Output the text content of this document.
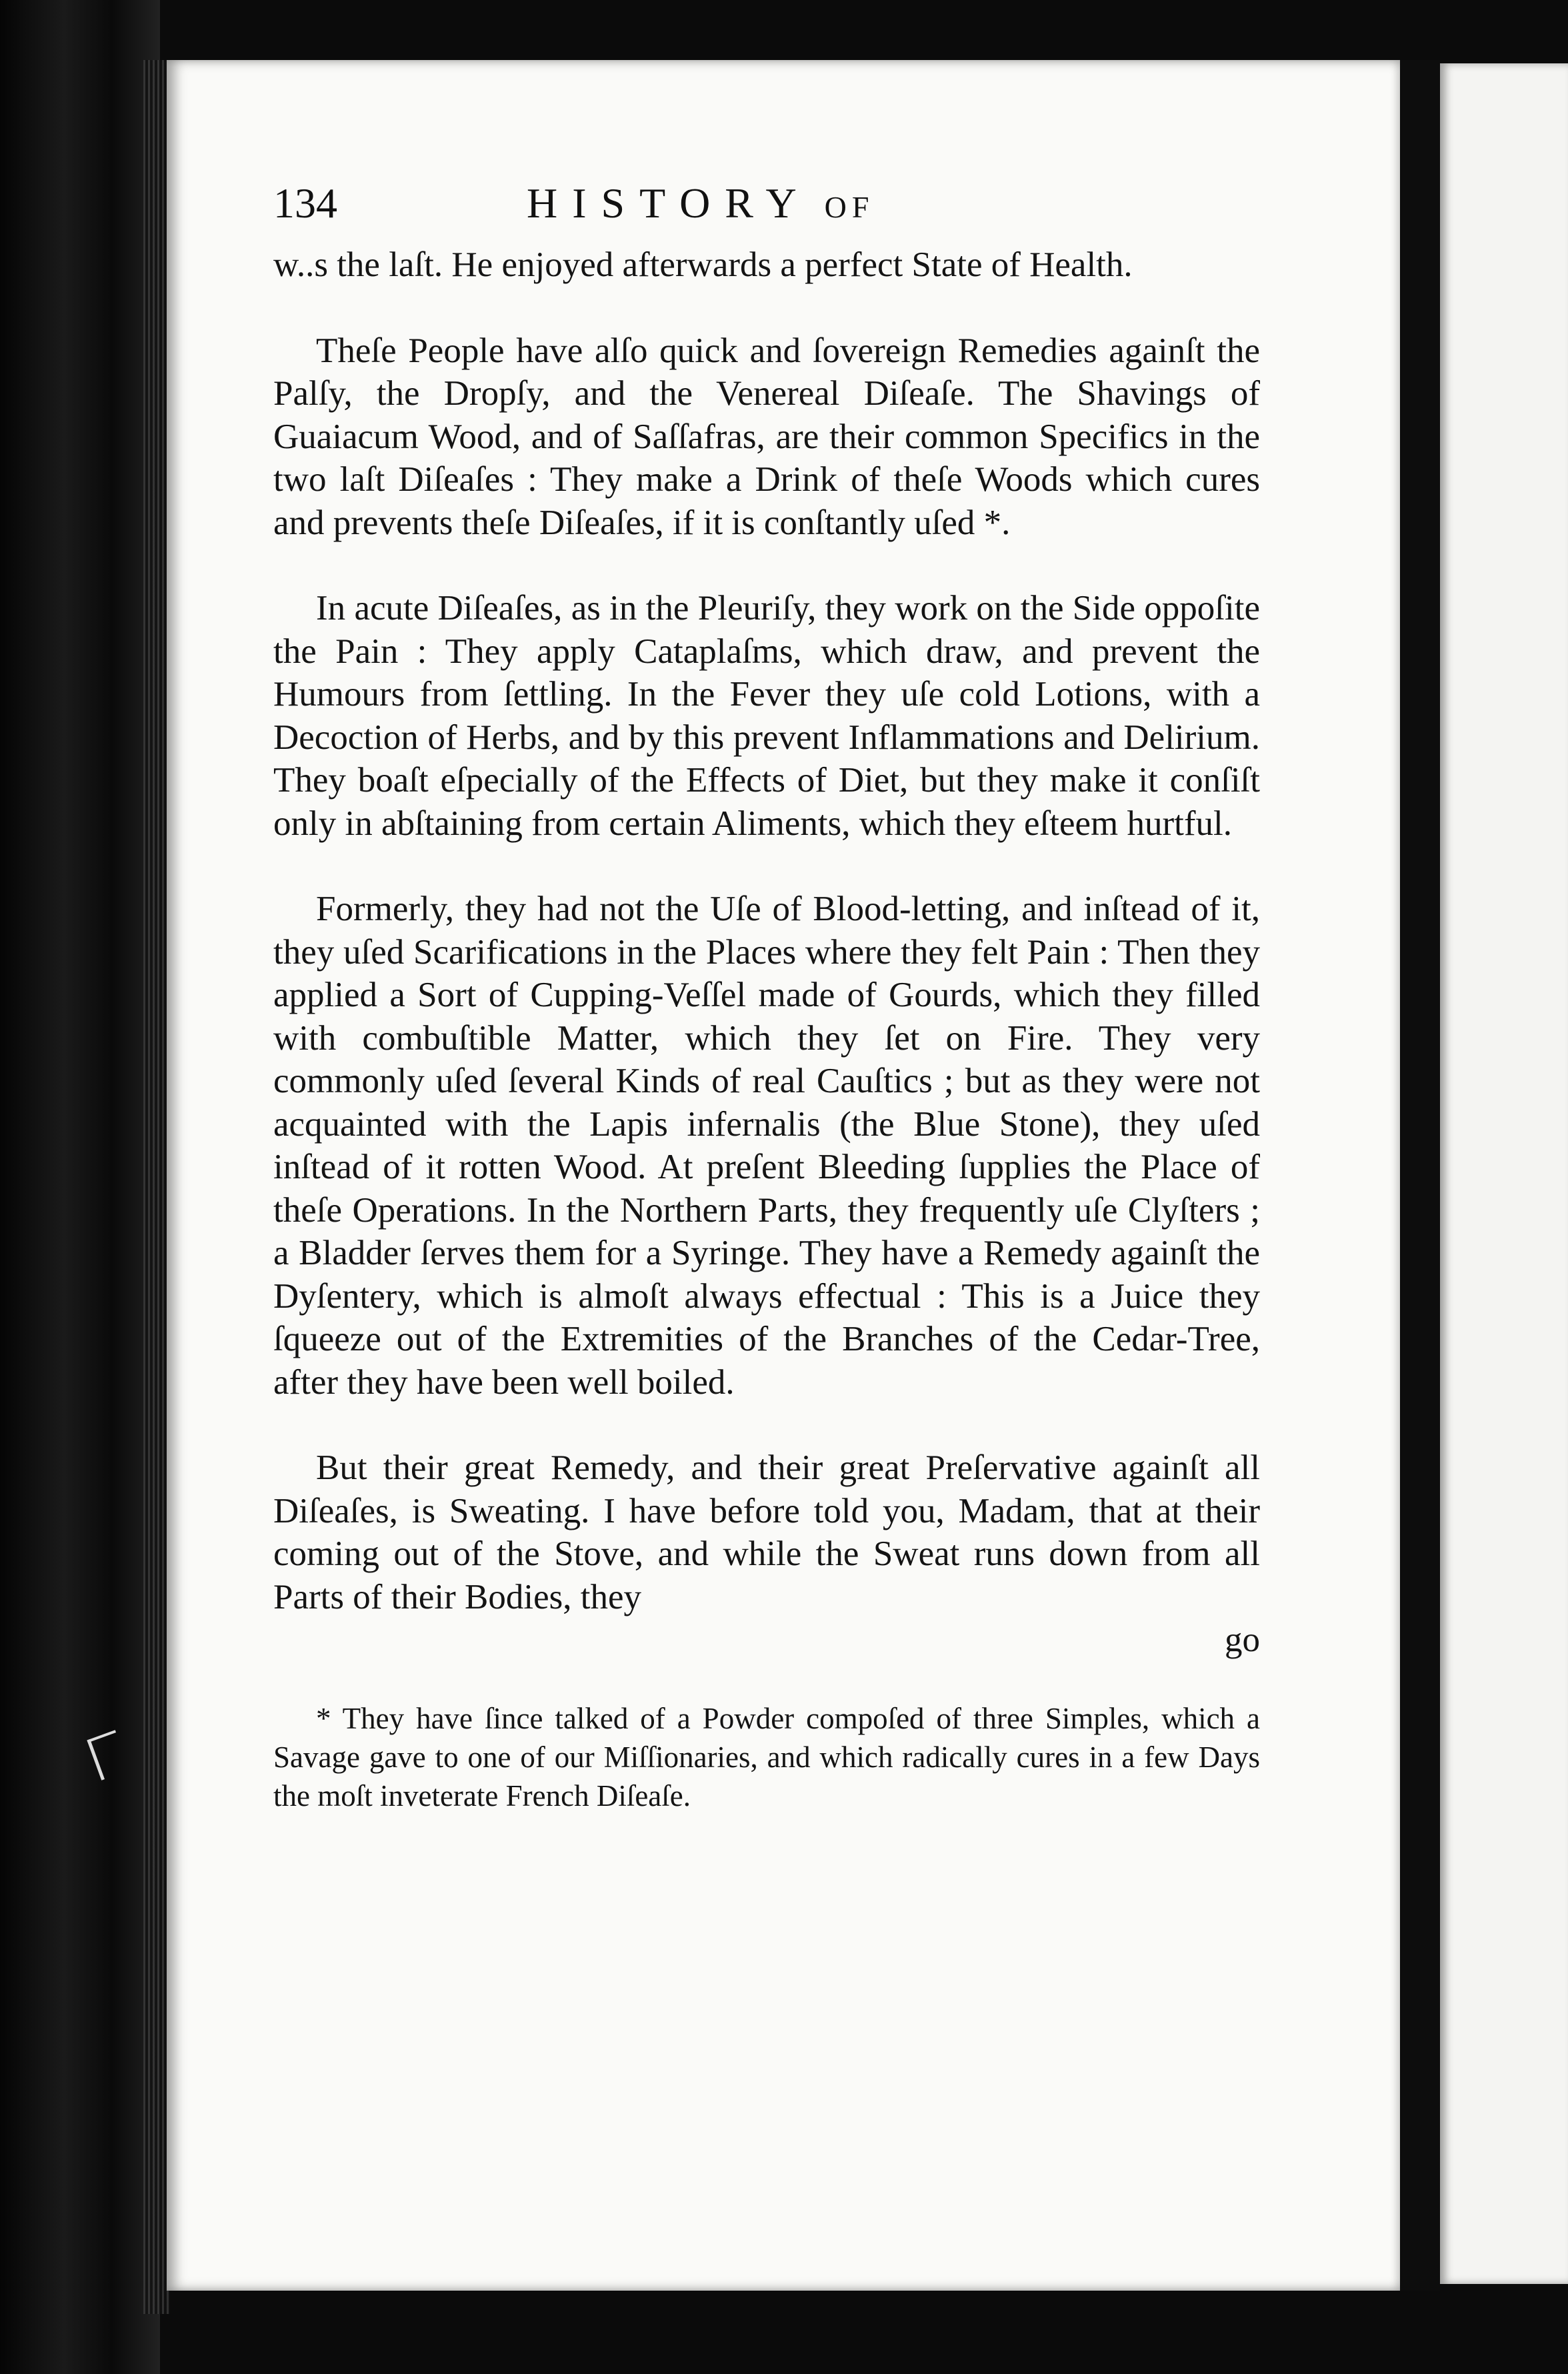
134	HISTORY OF

w..s the laſt. He enjoyed afterwards a perfect State of Health.

Theſe People have alſo quick and ſovereign Remedies againſt the Palſy, the Dropſy, and the Venereal Diſeaſe. The Shavings of Guaiacum Wood, and of Saſſafras, are their common Specifics in the two laſt Diſeaſes : They make a Drink of theſe Woods which cures and prevents theſe Diſeaſes, if it is conſtantly uſed *.

In acute Diſeaſes, as in the Pleuriſy, they work on the Side oppoſite the Pain : They apply Cataplaſms, which draw, and prevent the Humours from ſettling. In the Fever they uſe cold Lotions, with a Decoction of Herbs, and by this prevent Inflammations and Delirium. They boaſt eſpecially of the Effects of Diet, but they make it conſiſt only in abſtaining from certain Aliments, which they eſteem hurtful.

Formerly, they had not the Uſe of Blood-letting, and inſtead of it, they uſed Scarifications in the Places where they felt Pain : Then they applied a Sort of Cupping-Veſſel made of Gourds, which they filled with combuſtible Matter, which they ſet on Fire. They very commonly uſed ſeveral Kinds of real Cauſtics ; but as they were not acquainted with the Lapis infernalis (the Blue Stone), they uſed inſtead of it rotten Wood. At preſent Bleeding ſupplies the Place of theſe Operations. In the Northern Parts, they frequently uſe Clyſters ; a Bladder ſerves them for a Syringe. They have a Remedy againſt the Dyſentery, which is almoſt always effectual : This is a Juice they ſqueeze out of the Extremities of the Branches of the Cedar-Tree, after they have been well boiled.

But their great Remedy, and their great Preſervative againſt all Diſeaſes, is Sweating. I have before told you, Madam, that at their coming out of the Stove, and while the Sweat runs down from all Parts of their Bodies, they

go

* They have ſince talked of a Powder compoſed of three Simples, which a Savage gave to one of our Miſſionaries, and which radically cures in a few Days the moſt inveterate French Diſeaſe.
